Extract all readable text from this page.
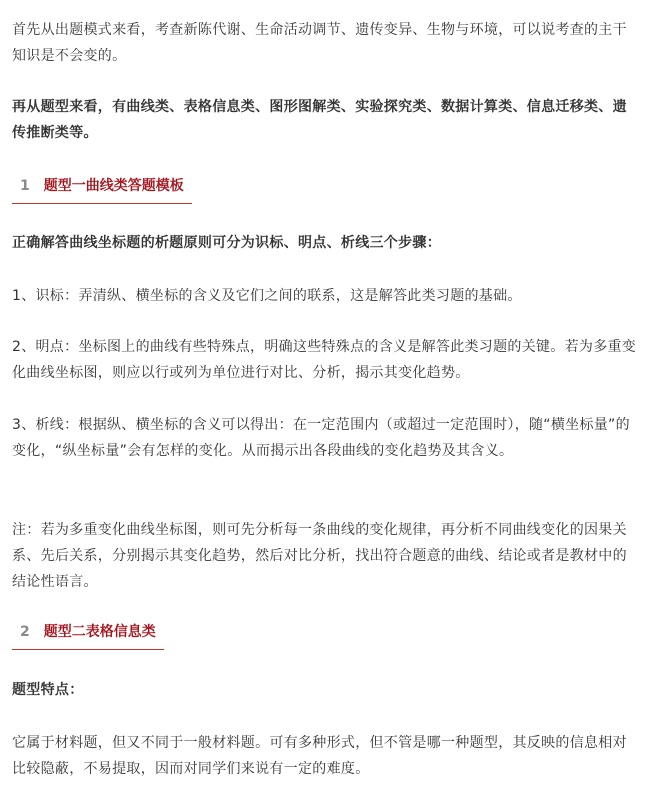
首先从出题模式来看，考查新陈代谢、生命活动调节、遗传变异、生物与环境，可以说考查的主干知识是不会变的。

再从题型来看，有曲线类、表格信息类、图形图解类、实验探究类、数据计算类、信息迁移类、遗传推断类等。

1 题型一曲线类答题模板

正确解答曲线坐标题的析题原则可分为识标、明点、析线三个步骤：

1、识标：弄清纵、横坐标的含义及它们之间的联系，这是解答此类习题的基础。

2、明点：坐标图上的曲线有些特殊点，明确这些特殊点的含义是解答此类习题的关键。若为多重变化曲线坐标图，则应以行或列为单位进行对比、分析，揭示其变化趋势。

3、析线：根据纵、横坐标的含义可以得出：在一定范围内（或超过一定范围时），随“横坐标量”的变化，“纵坐标量”会有怎样的变化。从而揭示出各段曲线的变化趋势及其含义。

注：若为多重变化曲线坐标图，则可先分析每一条曲线的变化规律，再分析不同曲线变化的因果关系、先后关系，分别揭示其变化趋势，然后对比分析，找出符合题意的曲线、结论或者是教材中的结论性语言。

2 题型二表格信息类

题型特点：

它属于材料题，但又不同于一般材料题。可有多种形式，但不管是哪一种题型，其反映的信息相对比较隐蔽，不易提取，因而对同学们来说有一定的难度。
